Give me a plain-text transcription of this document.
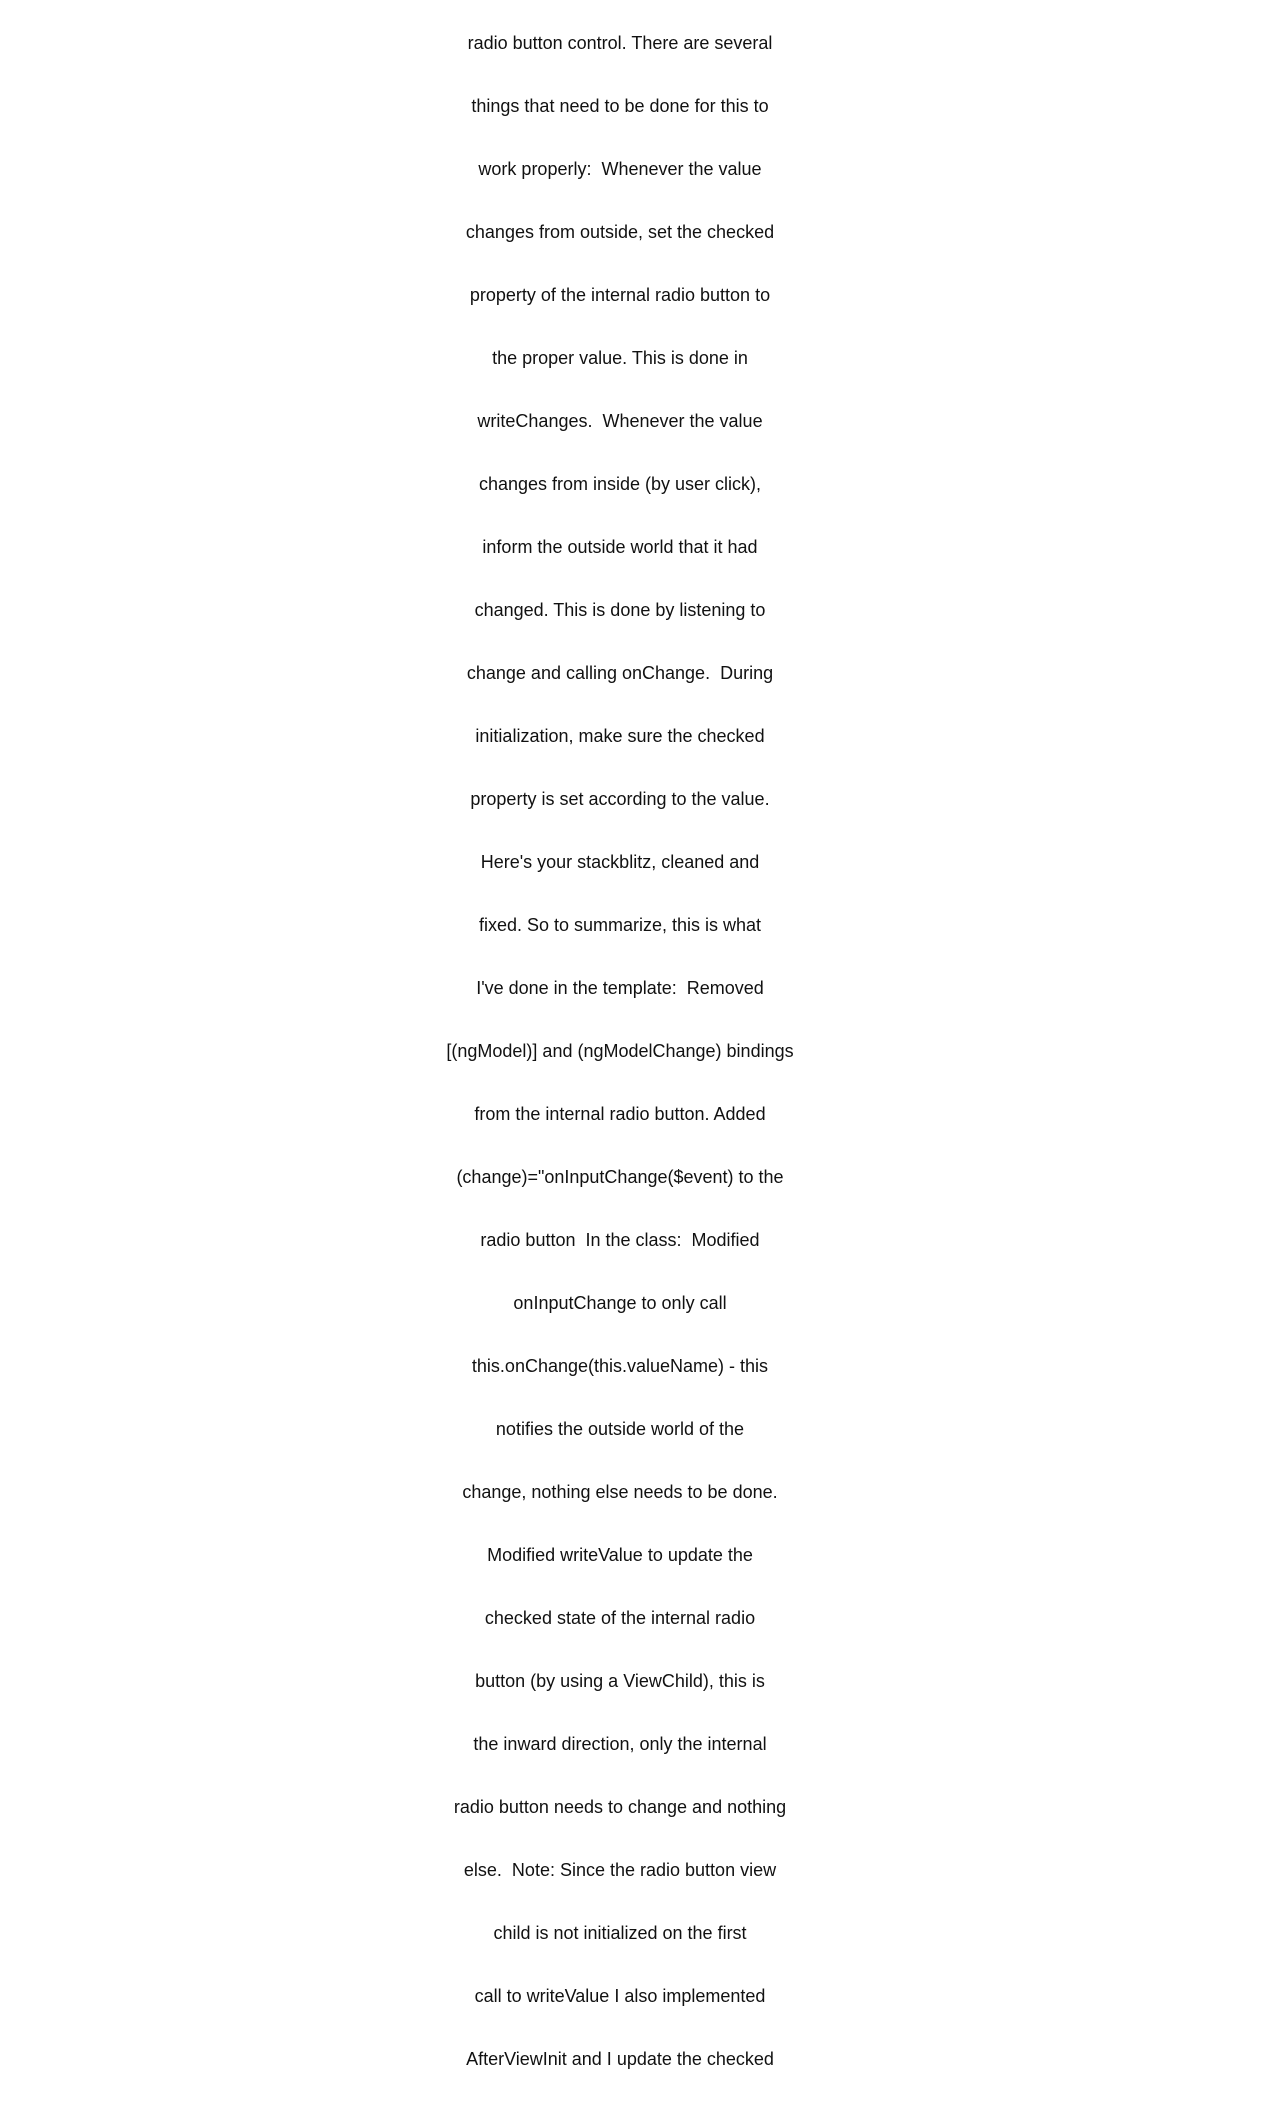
radio button control. There are several

things that need to be done for this to

work properly:  Whenever the value

changes from outside, set the checked

property of the internal radio button to

the proper value. This is done in

writeChanges.  Whenever the value

changes from inside (by user click),

inform the outside world that it had

changed. This is done by listening to

change and calling onChange.  During

initialization, make sure the checked

property is set according to the value.

Here's your stackblitz, cleaned and

fixed. So to summarize, this is what

I've done in the template:  Removed

[(ngModel)] and (ngModelChange) bindings

from the internal radio button. Added

(change)="onInputChange($event) to the

radio button  In the class:  Modified

onInputChange to only call

this.onChange(this.valueName) - this

notifies the outside world of the

change, nothing else needs to be done.

Modified writeValue to update the

checked state of the internal radio

button (by using a ViewChild), this is

the inward direction, only the internal

radio button needs to change and nothing

else.  Note: Since the radio button view

child is not initialized on the first

call to writeValue I also implemented

AfterViewInit and I update the checked
